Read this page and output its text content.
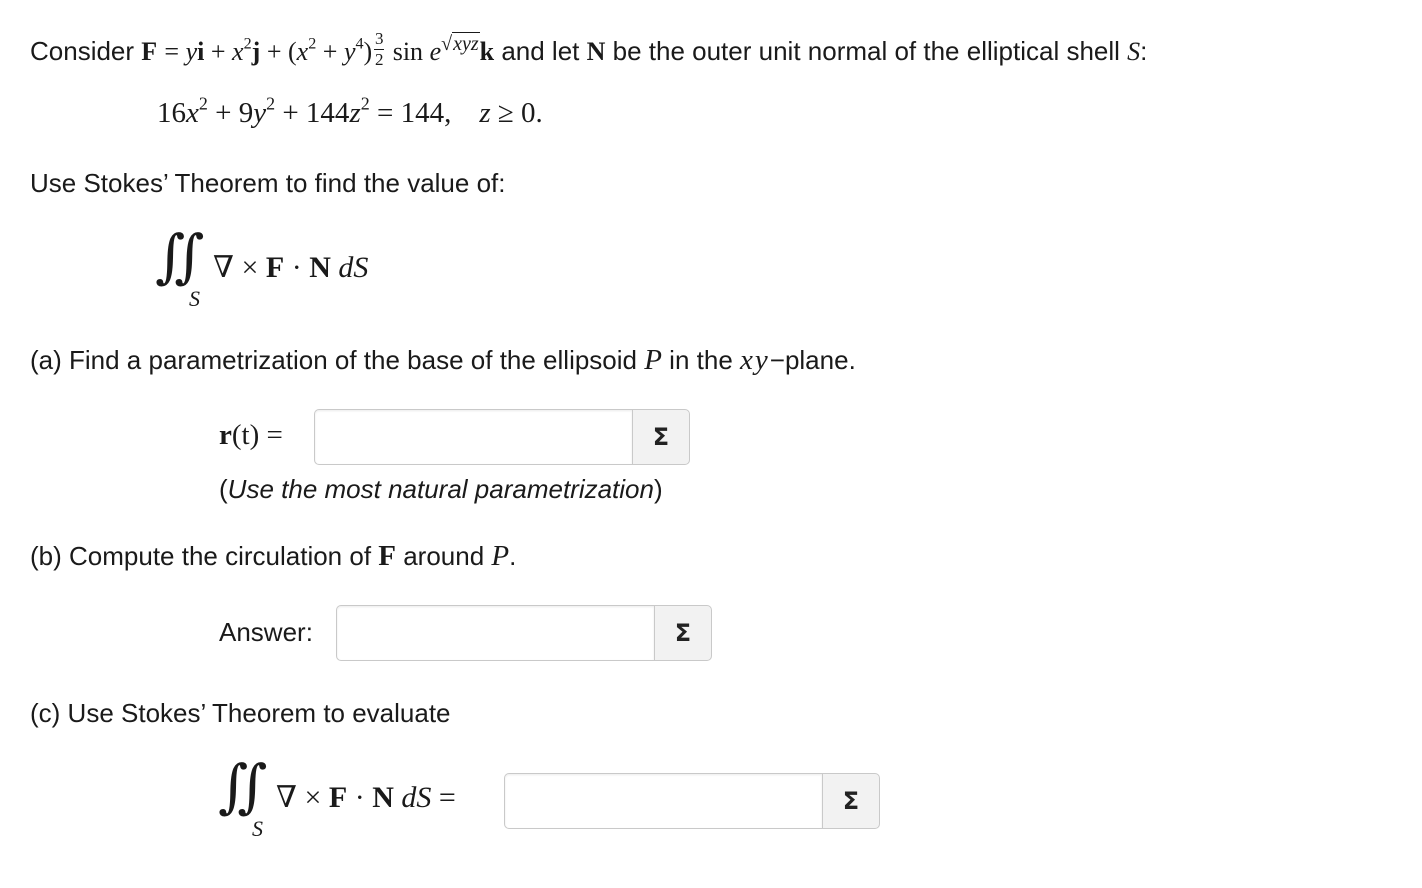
Consider F = yi + $x^2j + (x^2 + y^4) \frac{3}{2}$ sin e√xyzk and let N be the outer unit normal of the elliptical shell S:
$16x^2 + 9y^2 + 144z^2 = 144$, z ≥ 0.
Use Stokes’ Theorem to find the value of:
∬
S
∇ × F · N dS
(a) Find a parametrization of the base of the ellipsoid P in the xy−plane.
r(t) =	Σ
(Use the most natural parametrization)
(b) Compute the circulation of F around P.
Answer:	Σ
(c) Use Stokes’ Theorem to evaluate
∬
S
∇ × F · N dS =	Σ
